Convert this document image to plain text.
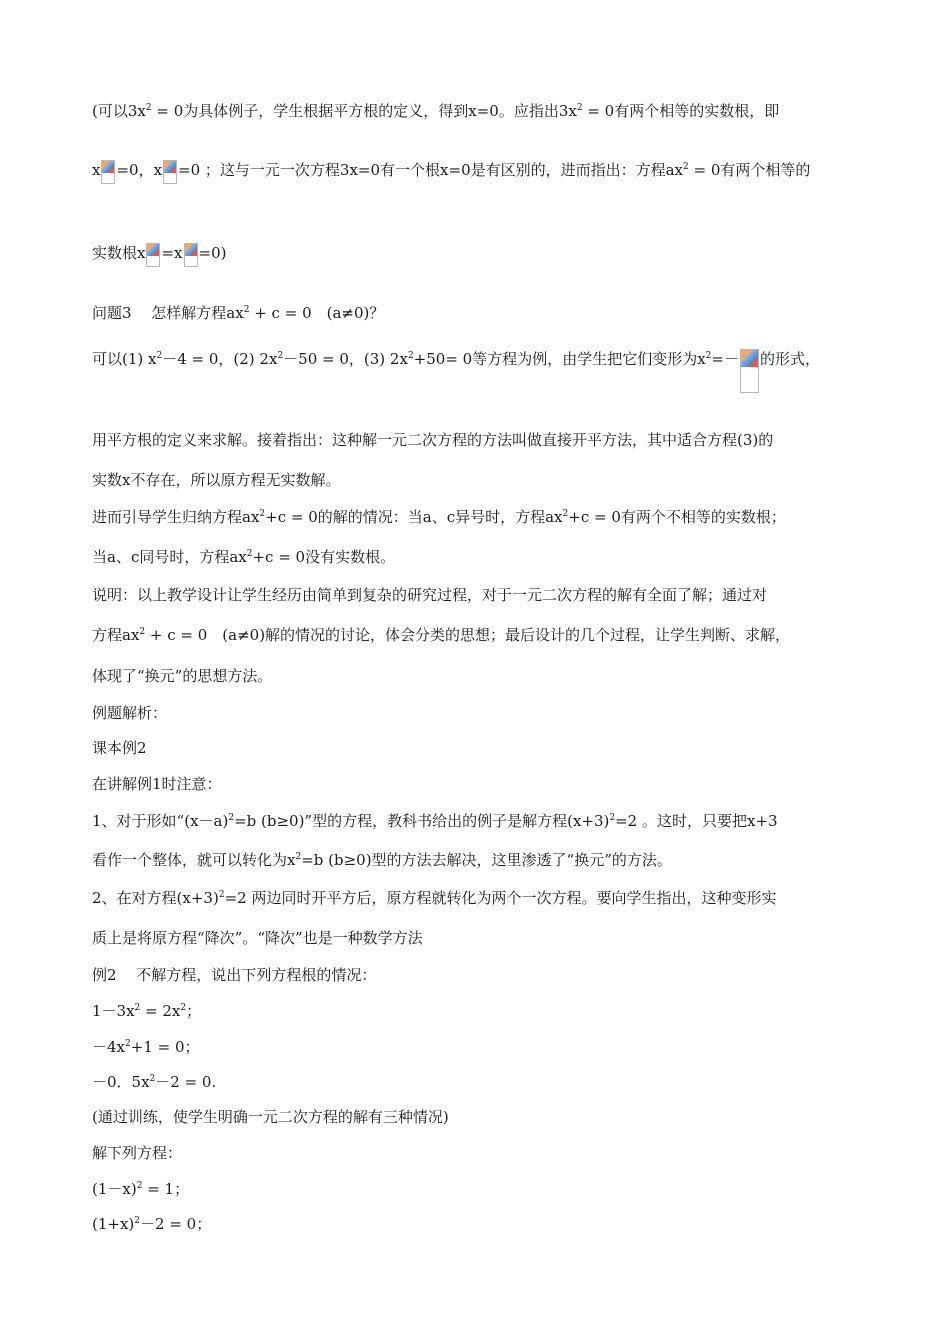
(可以$3x^2 = 0$为具体例子，学生根据平方根的定义，得到x=0。应指出$3x^2 = 0$有两个相等的实数根，即
x =0，x =0 ；这与一元一次方程3x=0有一个根x=0是有区别的，进而指出：方程$ax^2 = 0$有两个相等的
实数根x =x =0)
问题3　 怎样解方程$ax^2 + c = 0$　(a≠0)？
可以(1) $x^2-4 = 0$，(2) $2x^2-50 = 0$，(3) $2x^2+50= 0$等方程为例，由学生把它们变形为$x^2=-$ 的形式，
用平方根的定义来求解。接着指出：这种解一元二次方程的方法叫做直接开平方法，其中适合方程(3)的
实数x不存在，所以原方程无实数解。
进而引导学生归纳方程$ax^2+c = 0$的解的情况：当a、c异号时，方程$ax^2+c = 0$有两个不相等的实数根；
当a、c同号时，方程$ax^2+c = 0$没有实数根。
说明：以上教学设计让学生经历由简单到复杂的研究过程，对于一元二次方程的解有全面了解；通过对
方程$ax^2 + c = 0$　(a≠0)解的情况的讨论，体会分类的思想；最后设计的几个过程，让学生判断、求解，
体现了“换元”的思想方法。
例题解析：
课本例2
在讲解例1时注意：
1、对于形如“$(x-a)^2=b$ (b≥0)”型的方程，教科书给出的例子是解方程$(x+3)^2=2$ 。这时，只要把x+3
看作一个整体，就可以转化为$x^2=b$ (b≥0)型的方法去解决，这里渗透了“换元”的方法。
2、在对方程$(x+3)^2=2$ 两边同时开平方后，原方程就转化为两个一次方程。要向学生指出，这种变形实
质上是将原方程“降次”。“降次”也是一种数学方法
例2　 不解方程，说出下列方程根的情况：
$1-3x^2 = 2x^2$；
$-4x^2+1 = 0$；
－0．$5x^2-2 = 0$.
(通过训练，使学生明确一元二次方程的解有三种情况)
解下列方程：
$(1-x)^2 = 1$；
$(1+x)^2-2 = 0$；
